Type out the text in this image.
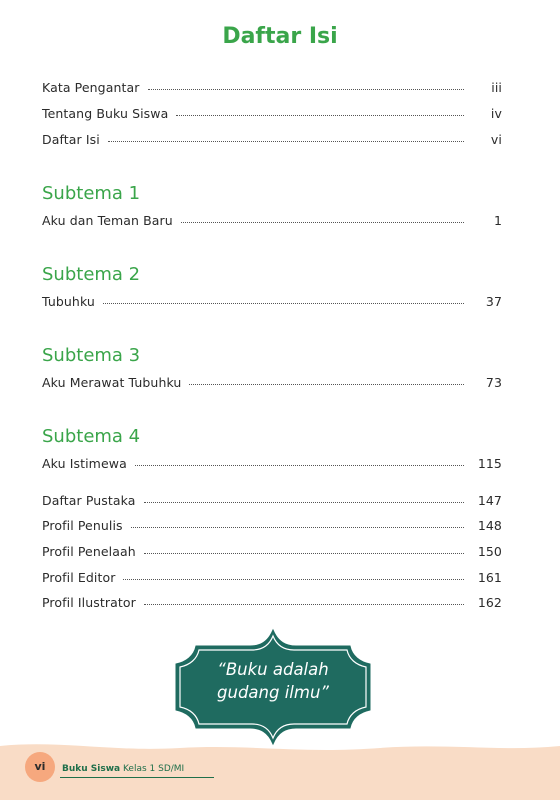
Daftar Isi
Kata Pengantar	iii
Tentang Buku Siswa	iv
Daftar Isi	vi
Subtema 1
Aku dan Teman Baru	1
Subtema 2
Tubuhku	37
Subtema 3
Aku Merawat Tubuhku	73
Subtema 4
Aku Istimewa	115
Daftar Pustaka	147
Profil Penulis	148
Profil Penelaah	150
Profil Editor	161
Profil Ilustrator	162
“Buku adalah
gudang ilmu”
vi	Buku Siswa Kelas 1 SD/MI
